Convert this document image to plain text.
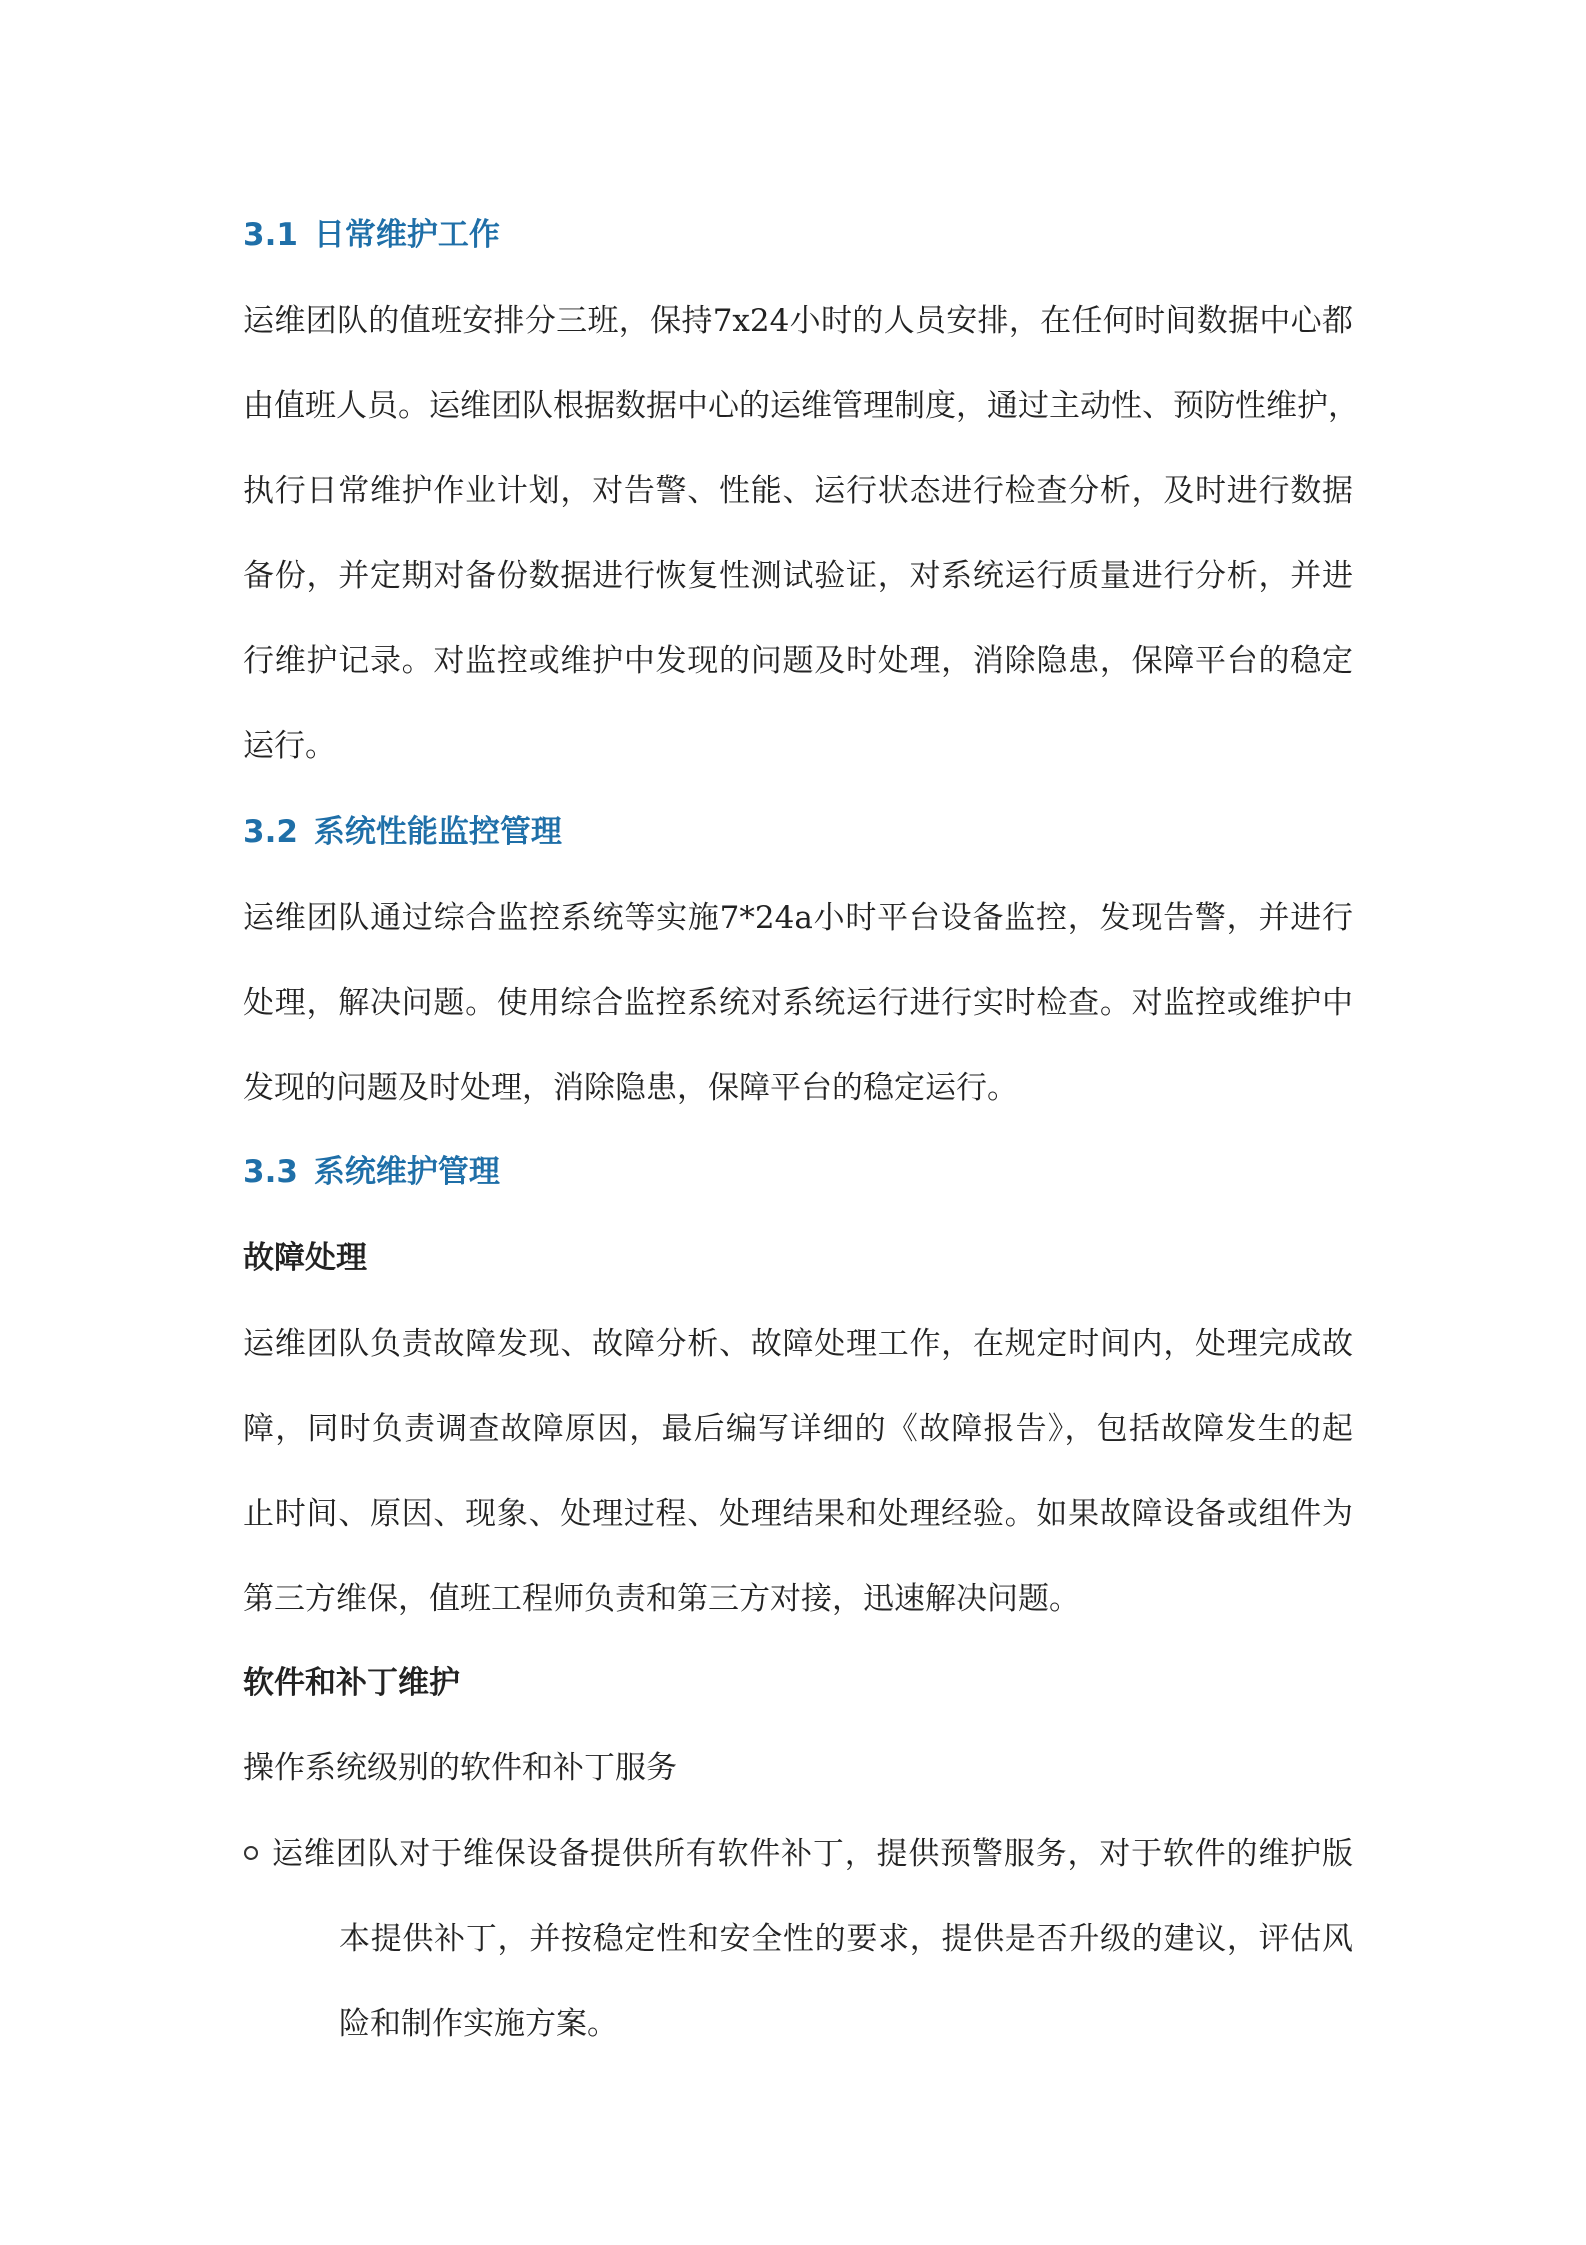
3.1 日常维护工作
运维团队的值班安排分三班，保持7x24小时的人员安排，在任何时间数据中心都
由值班人员。运维团队根据数据中心的运维管理制度，通过主动性、预防性维护，
执行日常维护作业计划，对告警、性能、运行状态进行检查分析，及时进行数据
备份，并定期对备份数据进行恢复性测试验证，对系统运行质量进行分析，并进
行维护记录。对监控或维护中发现的问题及时处理，消除隐患，保障平台的稳定
运行。
3.2 系统性能监控管理
运维团队通过综合监控系统等实施7*24a小时平台设备监控，发现告警，并进行
处理，解决问题。使用综合监控系统对系统运行进行实时检查。对监控或维护中
发现的问题及时处理，消除隐患，保障平台的稳定运行。
3.3 系统维护管理
故障处理
运维团队负责故障发现、故障分析、故障处理工作，在规定时间内，处理完成故
障，同时负责调查故障原因，最后编写详细的《故障报告》，包括故障发生的起
止时间、原因、现象、处理过程、处理结果和处理经验。如果故障设备或组件为
第三方维保，值班工程师负责和第三方对接，迅速解决问题。
软件和补丁维护
操作系统级别的软件和补丁服务
运维团队对于维保设备提供所有软件补丁，提供预警服务，对于软件的维护版
本提供补丁，并按稳定性和安全性的要求，提供是否升级的建议，评估风
险和制作实施方案。
